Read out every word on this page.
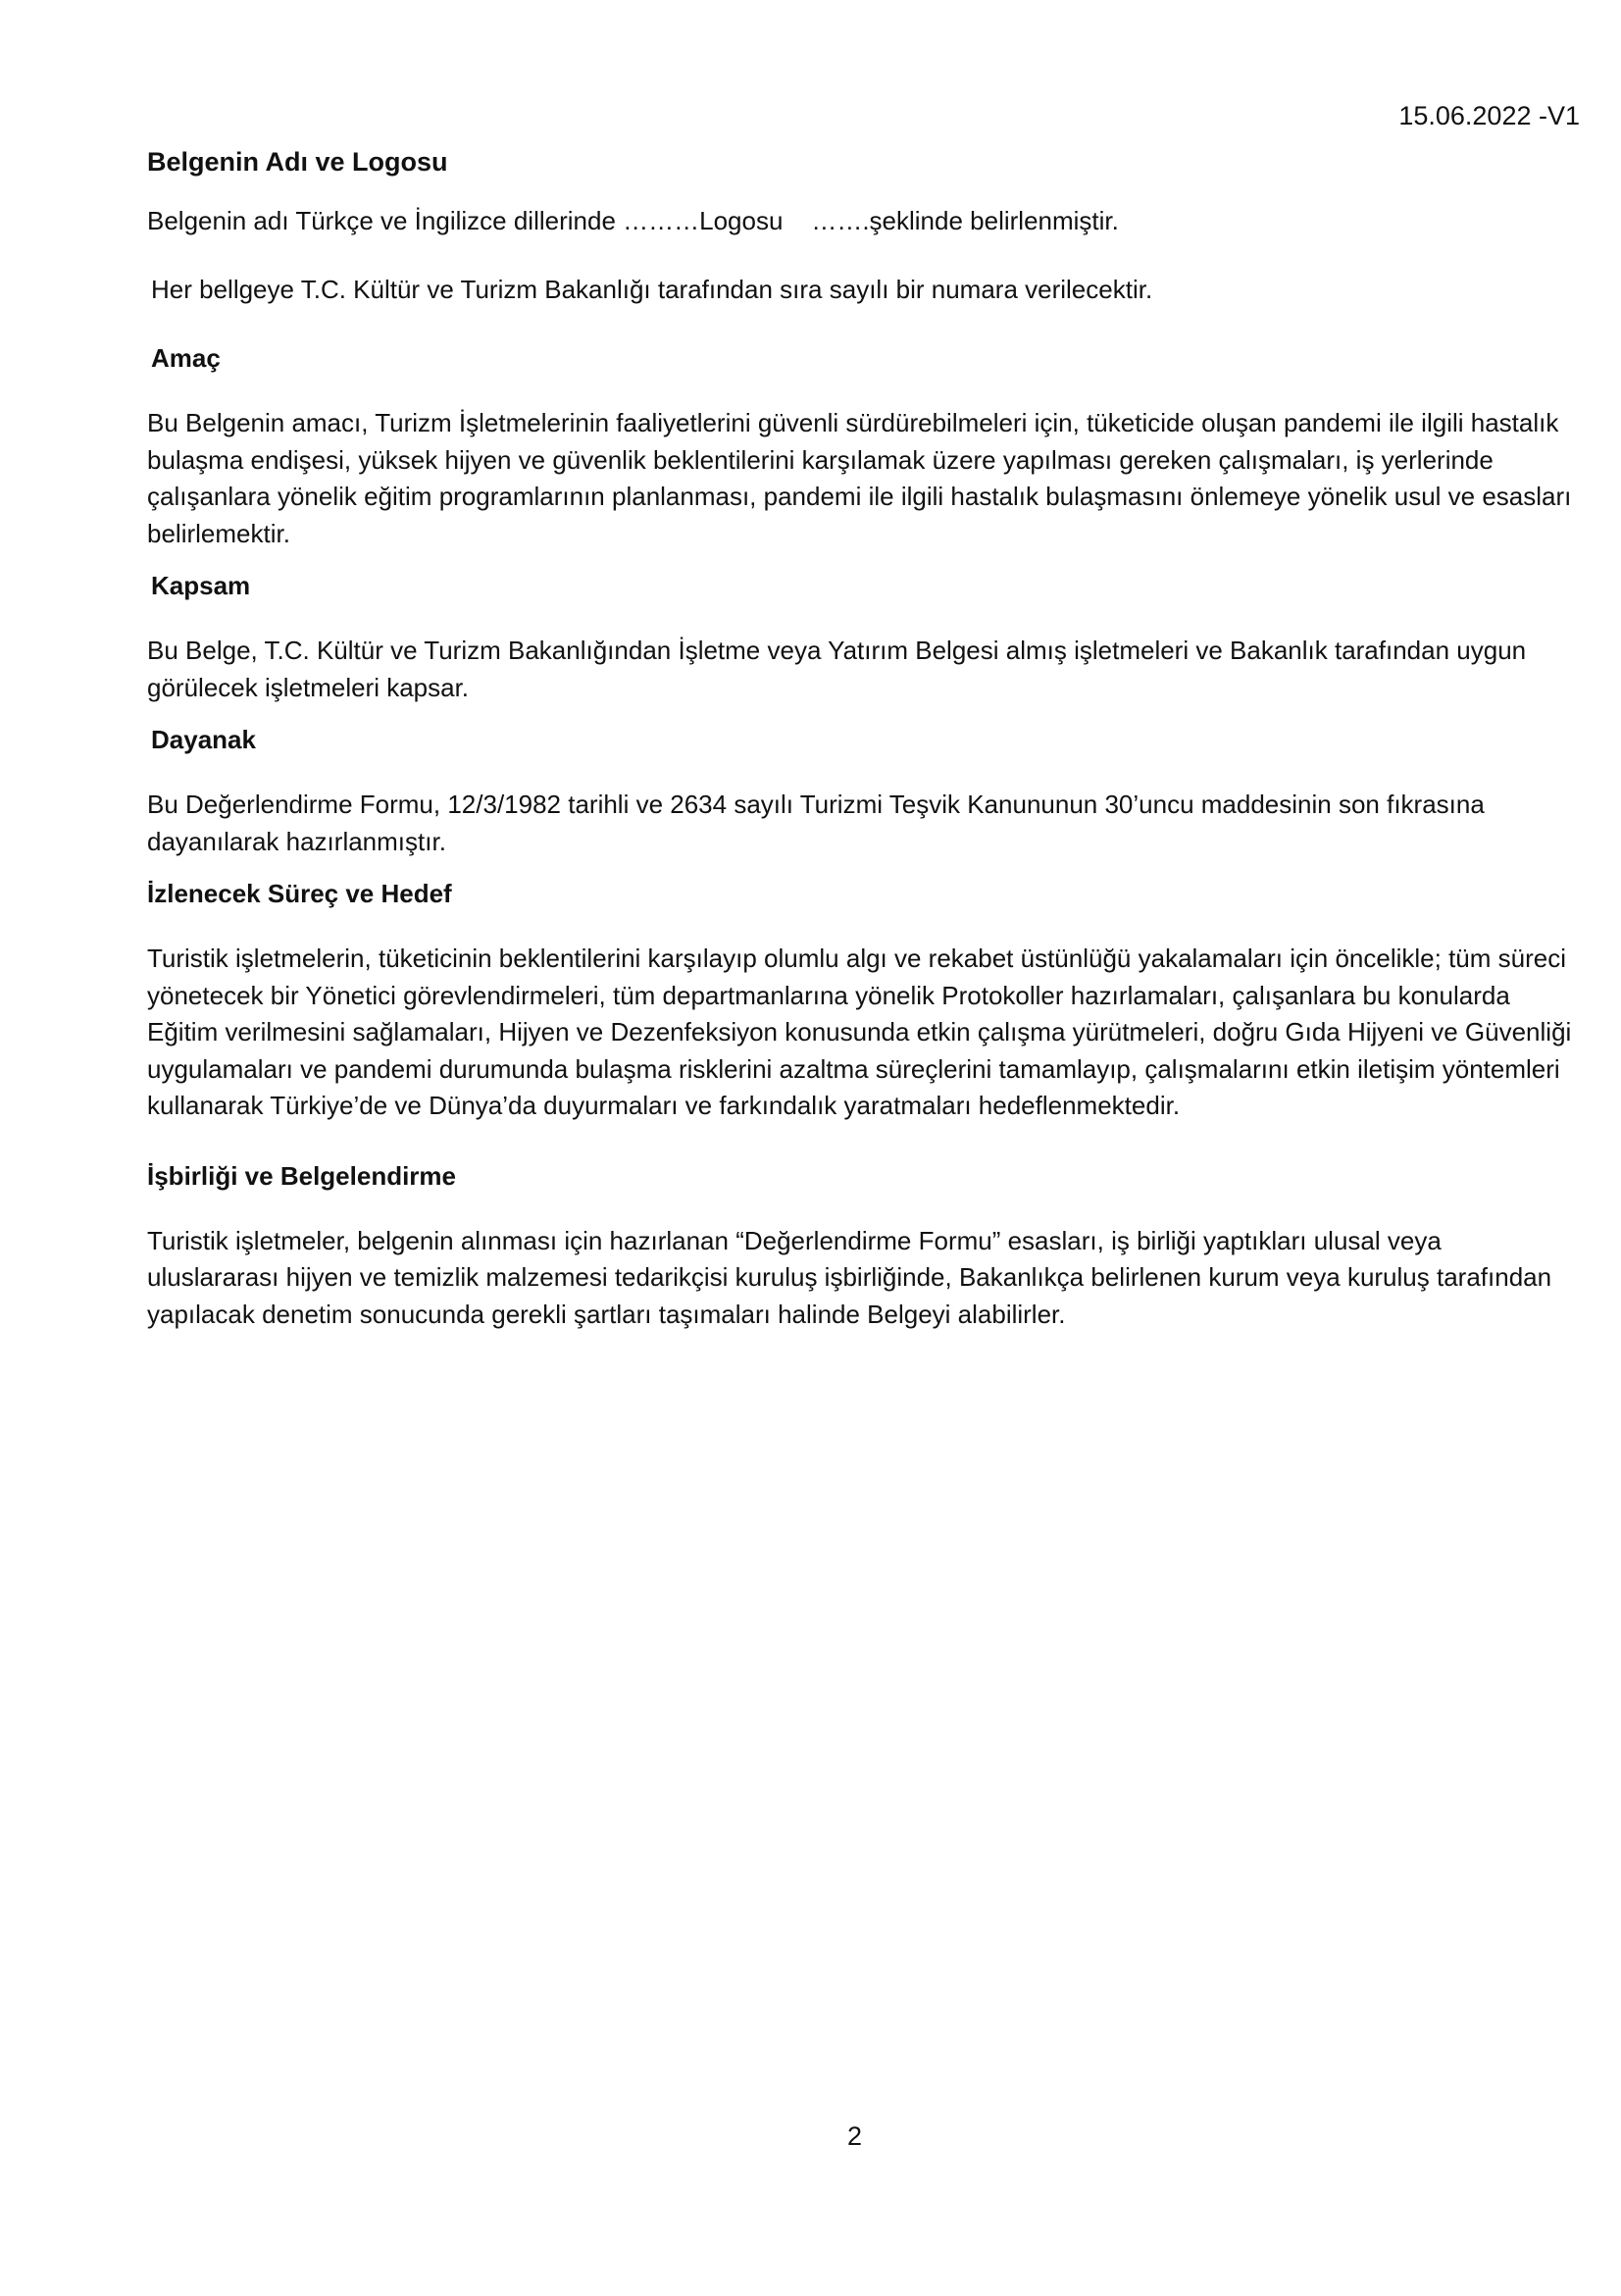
15.06.2022 -V1
Belgenin Adı ve Logosu
Belgenin adı Türkçe ve İngilizce dillerinde ………Logosu    …….şeklinde belirlenmiştir.
Her bellgeye T.C. Kültür ve Turizm Bakanlığı tarafından sıra sayılı bir numara verilecektir.
Amaç
Bu Belgenin amacı, Turizm İşletmelerinin faaliyetlerini güvenli sürdürebilmeleri için, tüketicide oluşan pandemi ile ilgili hastalık bulaşma endişesi, yüksek hijyen ve güvenlik beklentilerini karşılamak üzere yapılması gereken çalışmaları, iş yerlerinde çalışanlara yönelik eğitim programlarının planlanması, pandemi ile ilgili hastalık bulaşmasını önlemeye yönelik usul ve esasları belirlemektir.
Kapsam
Bu Belge, T.C. Kültür ve Turizm Bakanlığından İşletme veya Yatırım Belgesi almış işletmeleri ve Bakanlık tarafından uygun görülecek işletmeleri kapsar.
Dayanak
Bu Değerlendirme Formu, 12/3/1982 tarihli ve 2634 sayılı Turizmi Teşvik Kanununun 30’uncu maddesinin son fıkrasına dayanılarak hazırlanmıştır.
İzlenecek Süreç ve Hedef
Turistik işletmelerin, tüketicinin beklentilerini karşılayıp olumlu algı ve rekabet üstünlüğü yakalamaları için öncelikle; tüm süreci yönetecek bir Yönetici görevlendirmeleri, tüm departmanlarına yönelik Protokoller hazırlamaları, çalışanlara bu konularda Eğitim verilmesini sağlamaları, Hijyen ve Dezenfeksiyon konusunda etkin çalışma yürütmeleri, doğru Gıda Hijyeni ve Güvenliği uygulamaları ve pandemi durumunda bulaşma risklerini azaltma süreçlerini tamamlayıp, çalışmalarını etkin iletişim yöntemleri kullanarak Türkiye’de ve Dünya’da duyurmaları ve farkındalık yaratmaları hedeflenmektedir.
İşbirliği ve Belgelendirme
Turistik işletmeler, belgenin alınması için hazırlanan “Değerlendirme Formu” esasları, iş birliği yaptıkları ulusal veya uluslararası hijyen ve temizlik malzemesi tedarikçisi kuruluş işbirliğinde, Bakanlıkça belirlenen kurum veya kuruluş tarafından yapılacak denetim sonucunda gerekli şartları taşımaları halinde Belgeyi alabilirler.
2
